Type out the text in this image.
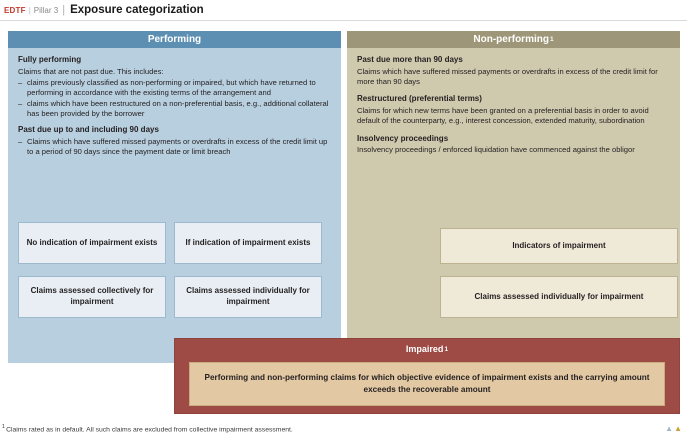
EDTF | Pillar 3 | Exposure categorization
Performing
Fully performing
Claims that are not past due. This includes:
– claims previously classified as non-performing or impaired, but which have returned to performing in accordance with the existing terms of the arrangement and
– claims which have been restructured on a non-preferential basis, e.g., additional collateral has been provided by the borrower
Past due up to and including 90 days
– Claims which have suffered missed payments or overdrafts in excess of the credit limit up to a period of 90 days since the payment date or limit breach
Non-performing 1
Past due more than 90 days
Claims which have suffered missed payments or overdrafts in excess of the credit limit for more than 90 days
Restructured (preferential terms)
Claims for which new terms have been granted on a preferential basis in order to avoid default of the counterparty, e.g., interest concession, extended maturity, subordination
Insolvency proceedings
Insolvency proceedings / enforced liquidation have commenced against the obligor
No indication of impairment exists	If indication of impairment exists
Claims assessed collectively for impairment
Claims assessed individually for impairment
Indicators of impairment
Claims assessed individually for impairment
Impaired 1
Performing and non-performing claims for which objective evidence of impairment exists and the carrying amount exceeds the recoverable amount
$^1$Claims rated as in default. All such claims are excluded from collective impairment assessment.	▲▲
